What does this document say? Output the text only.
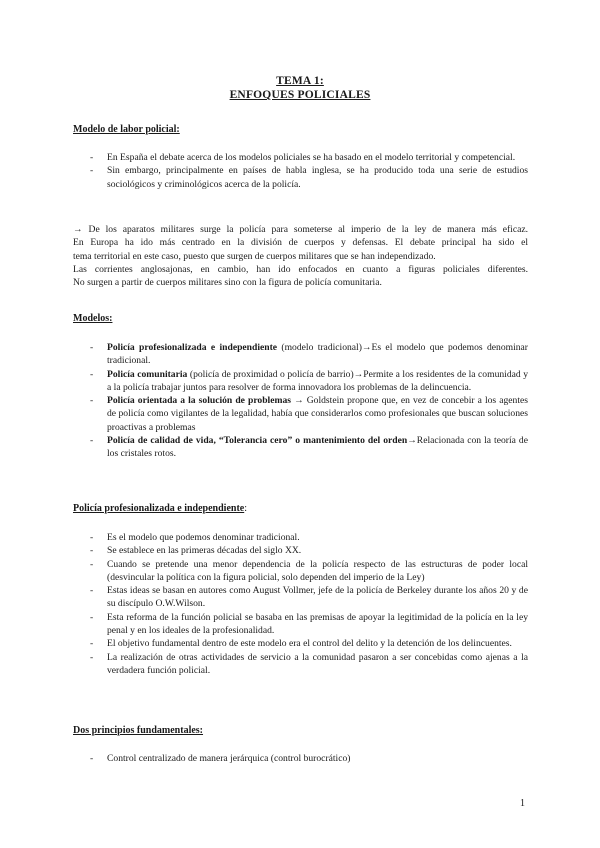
TEMA 1:
ENFOQUES POLICIALES
Modelo de labor policial:
- En España el debate acerca de los modelos policiales se ha basado en el modelo territorial y competencial.
- Sin embargo, principalmente en países de habla inglesa, se ha producido toda una serie de estudios sociológicos y criminológicos acerca de la policía.
→ De los aparatos militares surge la policía para someterse al imperio de la ley de manera más eficaz.
En Europa ha ido más centrado en la división de cuerpos y defensas. El debate principal ha sido el
tema territorial en este caso, puesto que surgen de cuerpos militares que se han independizado.
Las corrientes anglosajonas, en cambio, han ido enfocados en cuanto a figuras policiales diferentes.
No surgen a partir de cuerpos militares sino con la figura de policía comunitaria.
Modelos:
- Policía profesionalizada e independiente (modelo tradicional)→Es el modelo que podemos denominar tradicional.
- Policía comunitaria (policía de proximidad o policía de barrio)→Permite a los residentes de la comunidad y a la policía trabajar juntos para resolver de forma innovadora los problemas de la delincuencia.
- Policía orientada a la solución de problemas → Goldstein propone que, en vez de concebir a los agentes de policía como vigilantes de la legalidad, había que considerarlos como profesionales que buscan soluciones proactivas a problemas
- Policía de calidad de vida, “Tolerancia cero” o mantenimiento del orden→Relacionada con la teoría de los cristales rotos.
Policía profesionalizada e independiente:
- Es el modelo que podemos denominar tradicional.
- Se establece en las primeras décadas del siglo XX.
- Cuando se pretende una menor dependencia de la policía respecto de las estructuras de poder local (desvincular la política con la figura policial, solo dependen del imperio de la Ley)
- Estas ideas se basan en autores como August Vollmer, jefe de la policía de Berkeley durante los años 20 y de su discípulo O.W.Wilson.
- Esta reforma de la función policial se basaba en las premisas de apoyar la legitimidad de la policía en la ley penal y en los ideales de la profesionalidad.
- El objetivo fundamental dentro de este modelo era el control del delito y la detención de los delincuentes.
- La realización de otras actividades de servicio a la comunidad pasaron a ser concebidas como ajenas a la verdadera función policial.
Dos principios fundamentales:
- Control centralizado de manera jerárquica (control burocrático)
1
